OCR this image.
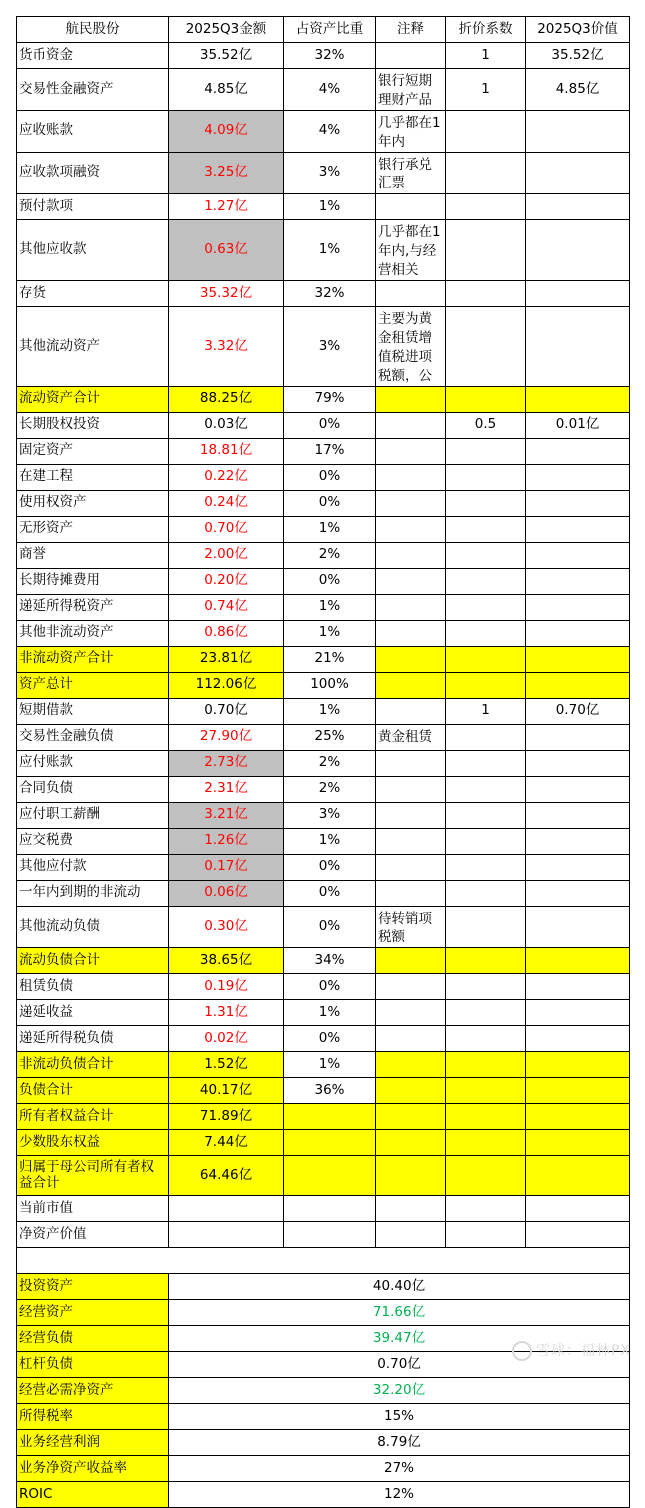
航民股份	2025Q3金额	占资产比重	注释	折价系数	2025Q3价值
货币资金	35.52亿	32%		1	35.52亿
交易性金融资产	4.85亿	4%	银行短期理财产品	1	4.85亿
应收账款	4.09亿	4%	几乎都在1年内		
应收款项融资	3.25亿	3%	银行承兑汇票		
预付款项	1.27亿	1%			
其他应收款	0.63亿	1%	几乎都在1年内,与经营相关		
存货	35.32亿	32%			
其他流动资产	3.32亿	3%	主要为黄金租赁增值税进项税额，公		
流动资产合计	88.25亿	79%			
长期股权投资	0.03亿	0%		0.5	0.01亿
固定资产	18.81亿	17%			
在建工程	0.22亿	0%			
使用权资产	0.24亿	0%			
无形资产	0.70亿	1%			
商誉	2.00亿	2%			
长期待摊费用	0.20亿	0%			
递延所得税资产	0.74亿	1%			
其他非流动资产	0.86亿	1%			
非流动资产合计	23.81亿	21%			
资产总计	112.06亿	100%			
短期借款	0.70亿	1%		1	0.70亿
交易性金融负债	27.90亿	25%	黄金租赁		
应付账款	2.73亿	2%			
合同负债	2.31亿	2%			
应付职工薪酬	3.21亿	3%			
应交税费	1.26亿	1%			
其他应付款	0.17亿	0%			
一年内到期的非流动	0.06亿	0%			
其他流动负债	0.30亿	0%	待转销项税额		
流动负债合计	38.65亿	34%			
租赁负债	0.19亿	0%			
递延收益	1.31亿	1%			
递延所得税负债	0.02亿	0%			
非流动负债合计	1.52亿	1%			
负债合计	40.17亿	36%			
所有者权益合计	71.89亿				
少数股东权益	7.44亿				
归属于母公司所有者权益合计	64.46亿				
当前市值					
净资产价值					

投资资产	40.40亿				
经营资产	71.66亿				
经营负债	39.47亿				
杠杆负债	0.70亿				
经营必需净资产	32.20亿				
所得税率	15%				
业务经营利润	8.79亿				
业务净资产收益率	27%				
ROIC	12%				
雪球：福林PX
